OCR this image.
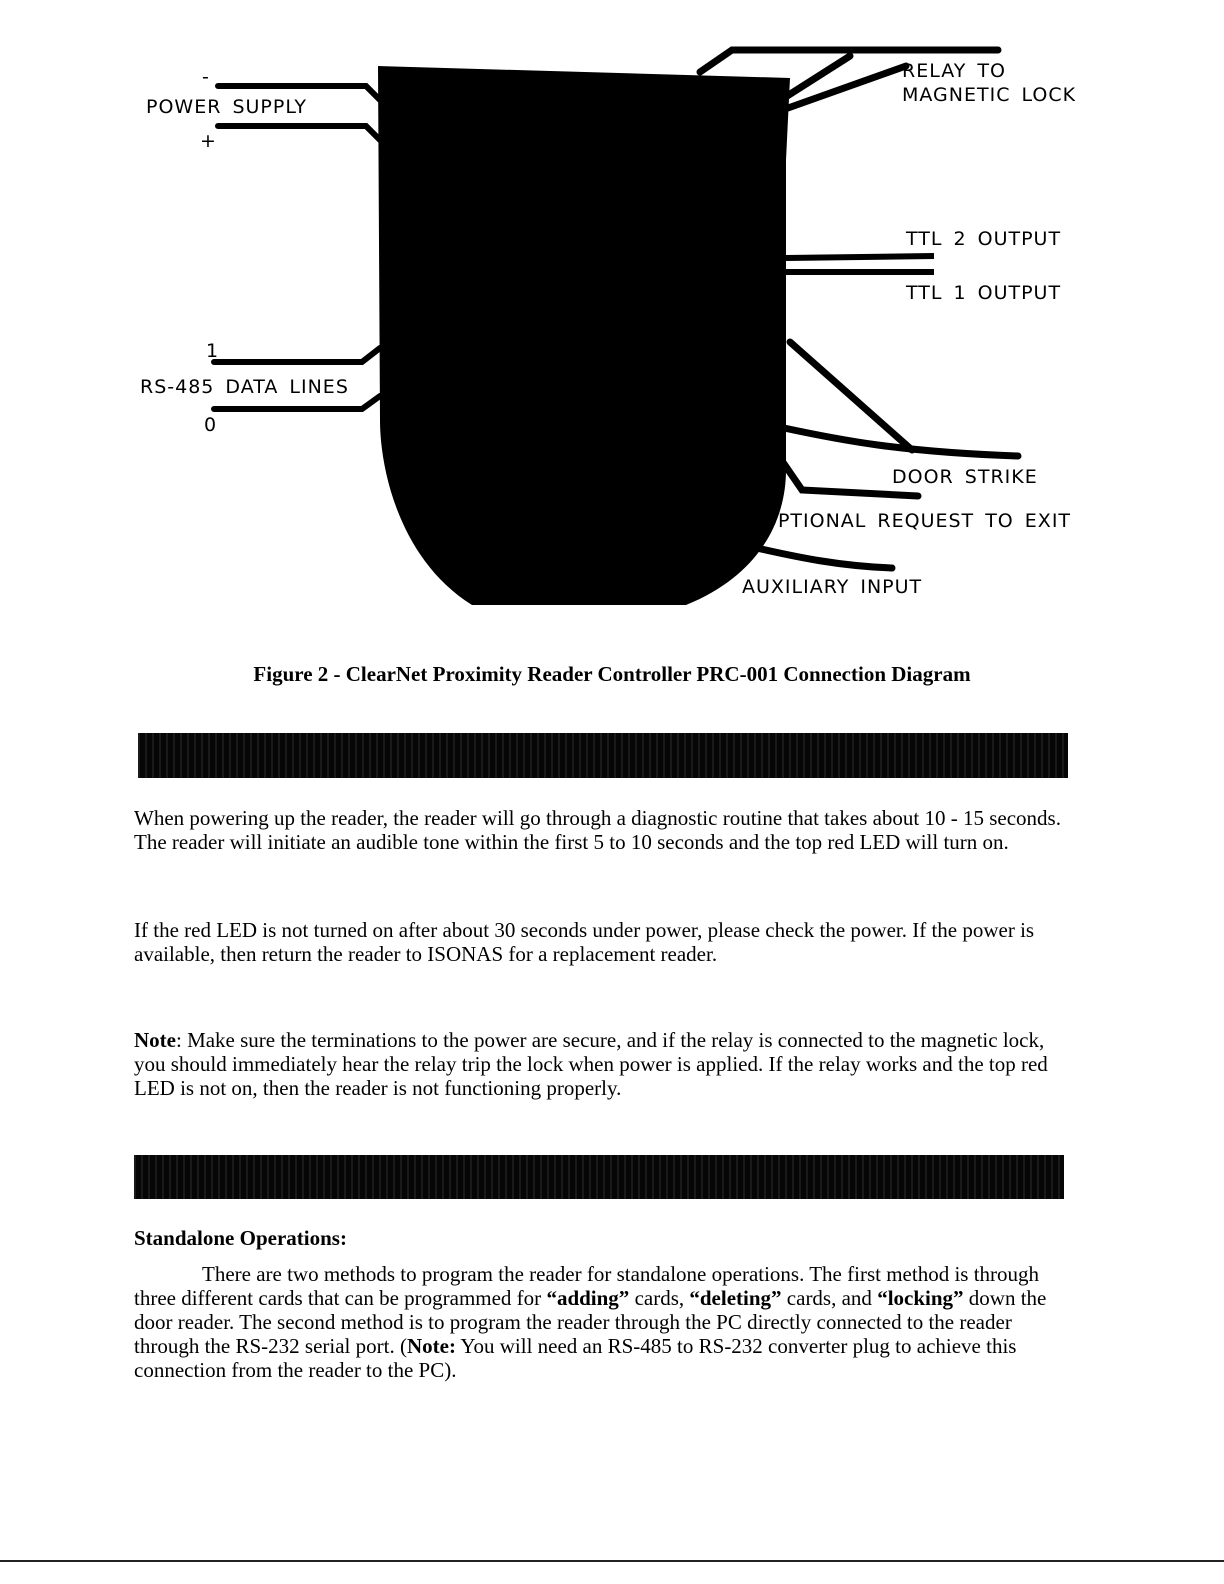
-
POWER SUPPLY
+
RELAY TO
MAGNETIC LOCK
TTL 2 OUTPUT
TTL 1 OUTPUT
1
RS-485 DATA LINES
0
DOOR STRIKE
OPTIONAL REQUEST TO EXIT
AUXILIARY INPUT
Figure 2 - ClearNet Proximity Reader Controller PRC-001 Connection Diagram

When powering up the reader, the reader will go through a diagnostic routine that takes about 10 - 15 seconds. The reader will initiate an audible tone within the first 5 to 10 seconds and the top red LED will turn on.

If the red LED is not turned on after about 30 seconds under power, please check the power. If the power is available, then return the reader to ISONAS for a replacement reader.

Note: Make sure the terminations to the power are secure, and if the relay is connected to the magnetic lock, you should immediately hear the relay trip the lock when power is applied. If the relay works and the top red LED is not on, then the reader is not functioning properly.

Standalone Operations:

There are two methods to program the reader for standalone operations. The first method is through three different cards that can be programmed for “adding” cards, “deleting” cards, and “locking” down the door reader. The second method is to program the reader through the PC directly connected to the reader through the RS-232 serial port. (Note: You will need an RS-485 to RS-232 converter plug to achieve this connection from the reader to the PC).
